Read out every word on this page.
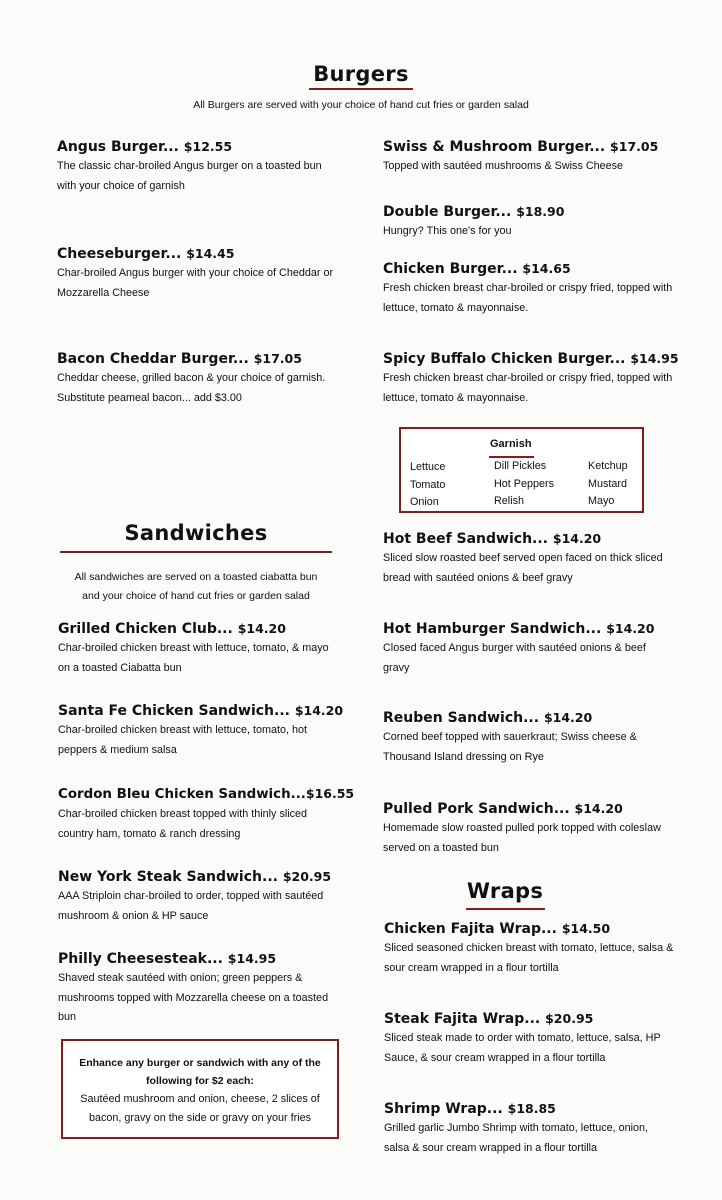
Burgers
All Burgers are served with your choice of hand cut fries or garden salad
Angus Burger... $12.55
The classic char-broiled Angus burger on a toasted bun with your choice of garnish
Cheeseburger... $14.45
Char-broiled Angus burger with your choice of Cheddar or Mozzarella Cheese
Bacon Cheddar Burger... $17.05
Cheddar cheese, grilled bacon & your choice of garnish. Substitute peameal bacon... add $3.00
Swiss & Mushroom Burger... $17.05
Topped with sautéed mushrooms & Swiss Cheese
Double Burger... $18.90
Hungry? This one's for you
Chicken Burger... $14.65
Fresh chicken breast char-broiled or crispy fried, topped with lettuce, tomato & mayonnaise.
Spicy Buffalo Chicken Burger... $14.95
Fresh chicken breast char-broiled or crispy fried, topped with lettuce, tomato & mayonnaise.
Garnish
Lettuce
Tomato
Onion
Dill Pickles
Hot Peppers
Relish
Ketchup
Mustard
Mayo
Sandwiches
All sandwiches are served on a toasted ciabatta bun
and your choice of hand cut fries or garden salad
Grilled Chicken Club... $14.20
Char-broiled chicken breast with lettuce, tomato, & mayo on a toasted Ciabatta bun
Santa Fe Chicken Sandwich... $14.20
Char-broiled chicken breast with lettuce, tomato, hot peppers & medium salsa
Cordon Bleu Chicken Sandwich...$16.55
Char-broiled chicken breast topped with thinly sliced country ham, tomato & ranch dressing
New York Steak Sandwich... $20.95
AAA Striploin char-broiled to order, topped with sautéed mushroom & onion & HP sauce
Philly Cheesesteak... $14.95
Shaved steak sautéed with onion; green peppers & mushrooms topped with Mozzarella cheese on a toasted bun
Hot Beef Sandwich... $14.20
Sliced slow roasted beef served open faced on thick sliced bread with sautéed onions & beef gravy
Hot Hamburger Sandwich... $14.20
Closed faced Angus burger with sautéed onions & beef gravy
Reuben Sandwich... $14.20
Corned beef topped with sauerkraut; Swiss cheese & Thousand Island dressing on Rye
Pulled Pork Sandwich... $14.20
Homemade slow roasted pulled pork topped with coleslaw served on a toasted bun
Enhance any burger or sandwich with any of the
following for $2 each:
Sautéed mushroom and onion, cheese, 2 slices of bacon, gravy on the side or gravy on your fries
Wraps
Chicken Fajita Wrap... $14.50
Sliced seasoned chicken breast with tomato, lettuce, salsa & sour cream wrapped in a flour tortilla
Steak Fajita Wrap... $20.95
Sliced steak made to order with tomato, lettuce, salsa, HP Sauce, & sour cream wrapped in a flour tortilla
Shrimp Wrap... $18.85
Grilled garlic Jumbo Shrimp with tomato, lettuce, onion, salsa & sour cream wrapped in a flour tortilla
